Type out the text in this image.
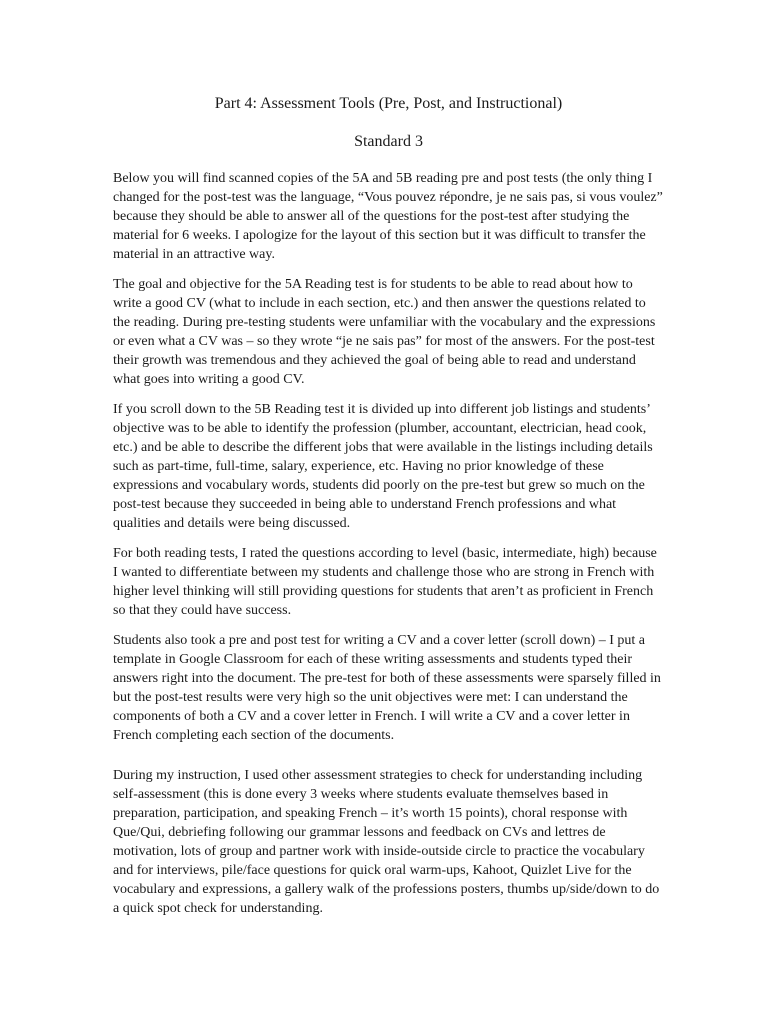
Part 4: Assessment Tools (Pre, Post, and Instructional)
Standard 3

Below you will find scanned copies of the 5A and 5B reading pre and post tests (the only thing I changed for the post-test was the language, “Vous pouvez répondre, je ne sais pas, si vous voulez” because they should be able to answer all of the questions for the post-test after studying the material for 6 weeks. I apologize for the layout of this section but it was difficult to transfer the material in an attractive way.

The goal and objective for the 5A Reading test is for students to be able to read about how to write a good CV (what to include in each section, etc.) and then answer the questions related to the reading. During pre-testing students were unfamiliar with the vocabulary and the expressions or even what a CV was – so they wrote “je ne sais pas” for most of the answers. For the post-test their growth was tremendous and they achieved the goal of being able to read and understand what goes into writing a good CV.

If you scroll down to the 5B Reading test it is divided up into different job listings and students’ objective was to be able to identify the profession (plumber, accountant, electrician, head cook, etc.) and be able to describe the different jobs that were available in the listings including details such as part-time, full-time, salary, experience, etc. Having no prior knowledge of these expressions and vocabulary words, students did poorly on the pre-test but grew so much on the post-test because they succeeded in being able to understand French professions and what qualities and details were being discussed.

For both reading tests, I rated the questions according to level (basic, intermediate, high) because I wanted to differentiate between my students and challenge those who are strong in French with higher level thinking will still providing questions for students that aren’t as proficient in French so that they could have success.

Students also took a pre and post test for writing a CV and a cover letter (scroll down) – I put a template in Google Classroom for each of these writing assessments and students typed their answers right into the document. The pre-test for both of these assessments were sparsely filled in but the post-test results were very high so the unit objectives were met: I can understand the components of both a CV and a cover letter in French. I will write a CV and a cover letter in French completing each section of the documents.

During my instruction, I used other assessment strategies to check for understanding including self-assessment (this is done every 3 weeks where students evaluate themselves based in preparation, participation, and speaking French – it’s worth 15 points), choral response with Que/Qui, debriefing following our grammar lessons and feedback on CVs and lettres de motivation, lots of group and partner work with inside-outside circle to practice the vocabulary and for interviews, pile/face questions for quick oral warm-ups, Kahoot, Quizlet Live for the vocabulary and expressions, a gallery walk of the professions posters, thumbs up/side/down to do a quick spot check for understanding.
